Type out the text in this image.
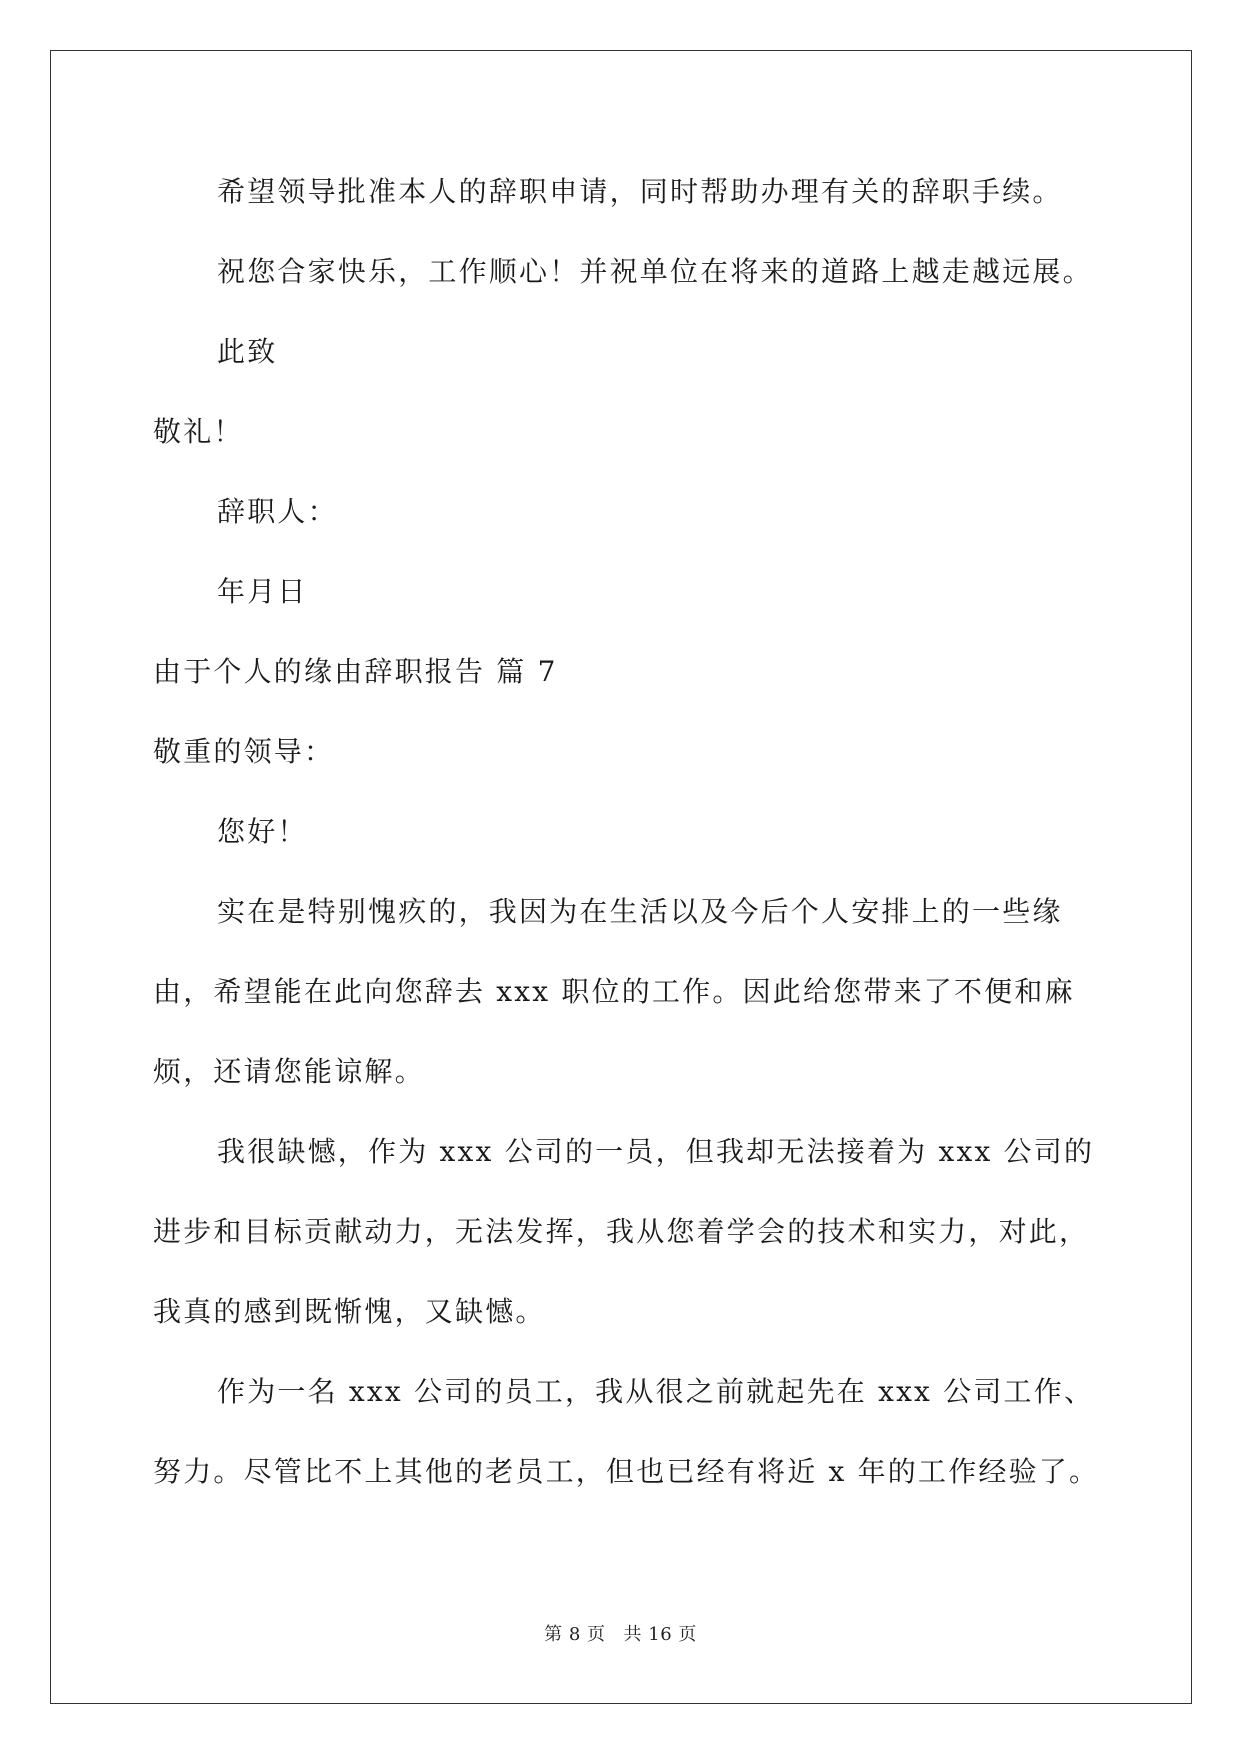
希望领导批准本人的辞职申请，同时帮助办理有关的辞职手续。

祝您合家快乐，工作顺心！并祝单位在将来的道路上越走越远展。

此致

敬礼！

辞职人：

年月日

由于个人的缘由辞职报告 篇 7

敬重的领导：

您好！

实在是特别愧疚的，我因为在生活以及今后个人安排上的一些缘

由，希望能在此向您辞去 xxx 职位的工作。因此给您带来了不便和麻

烦，还请您能谅解。

我很缺憾，作为 xxx 公司的一员，但我却无法接着为 xxx 公司的

进步和目标贡献动力，无法发挥，我从您着学会的技术和实力，对此，

我真的感到既惭愧，又缺憾。

作为一名 xxx 公司的员工，我从很之前就起先在 xxx 公司工作、

努力。尽管比不上其他的老员工，但也已经有将近 x 年的工作经验了。

第 8 页 共 16 页
